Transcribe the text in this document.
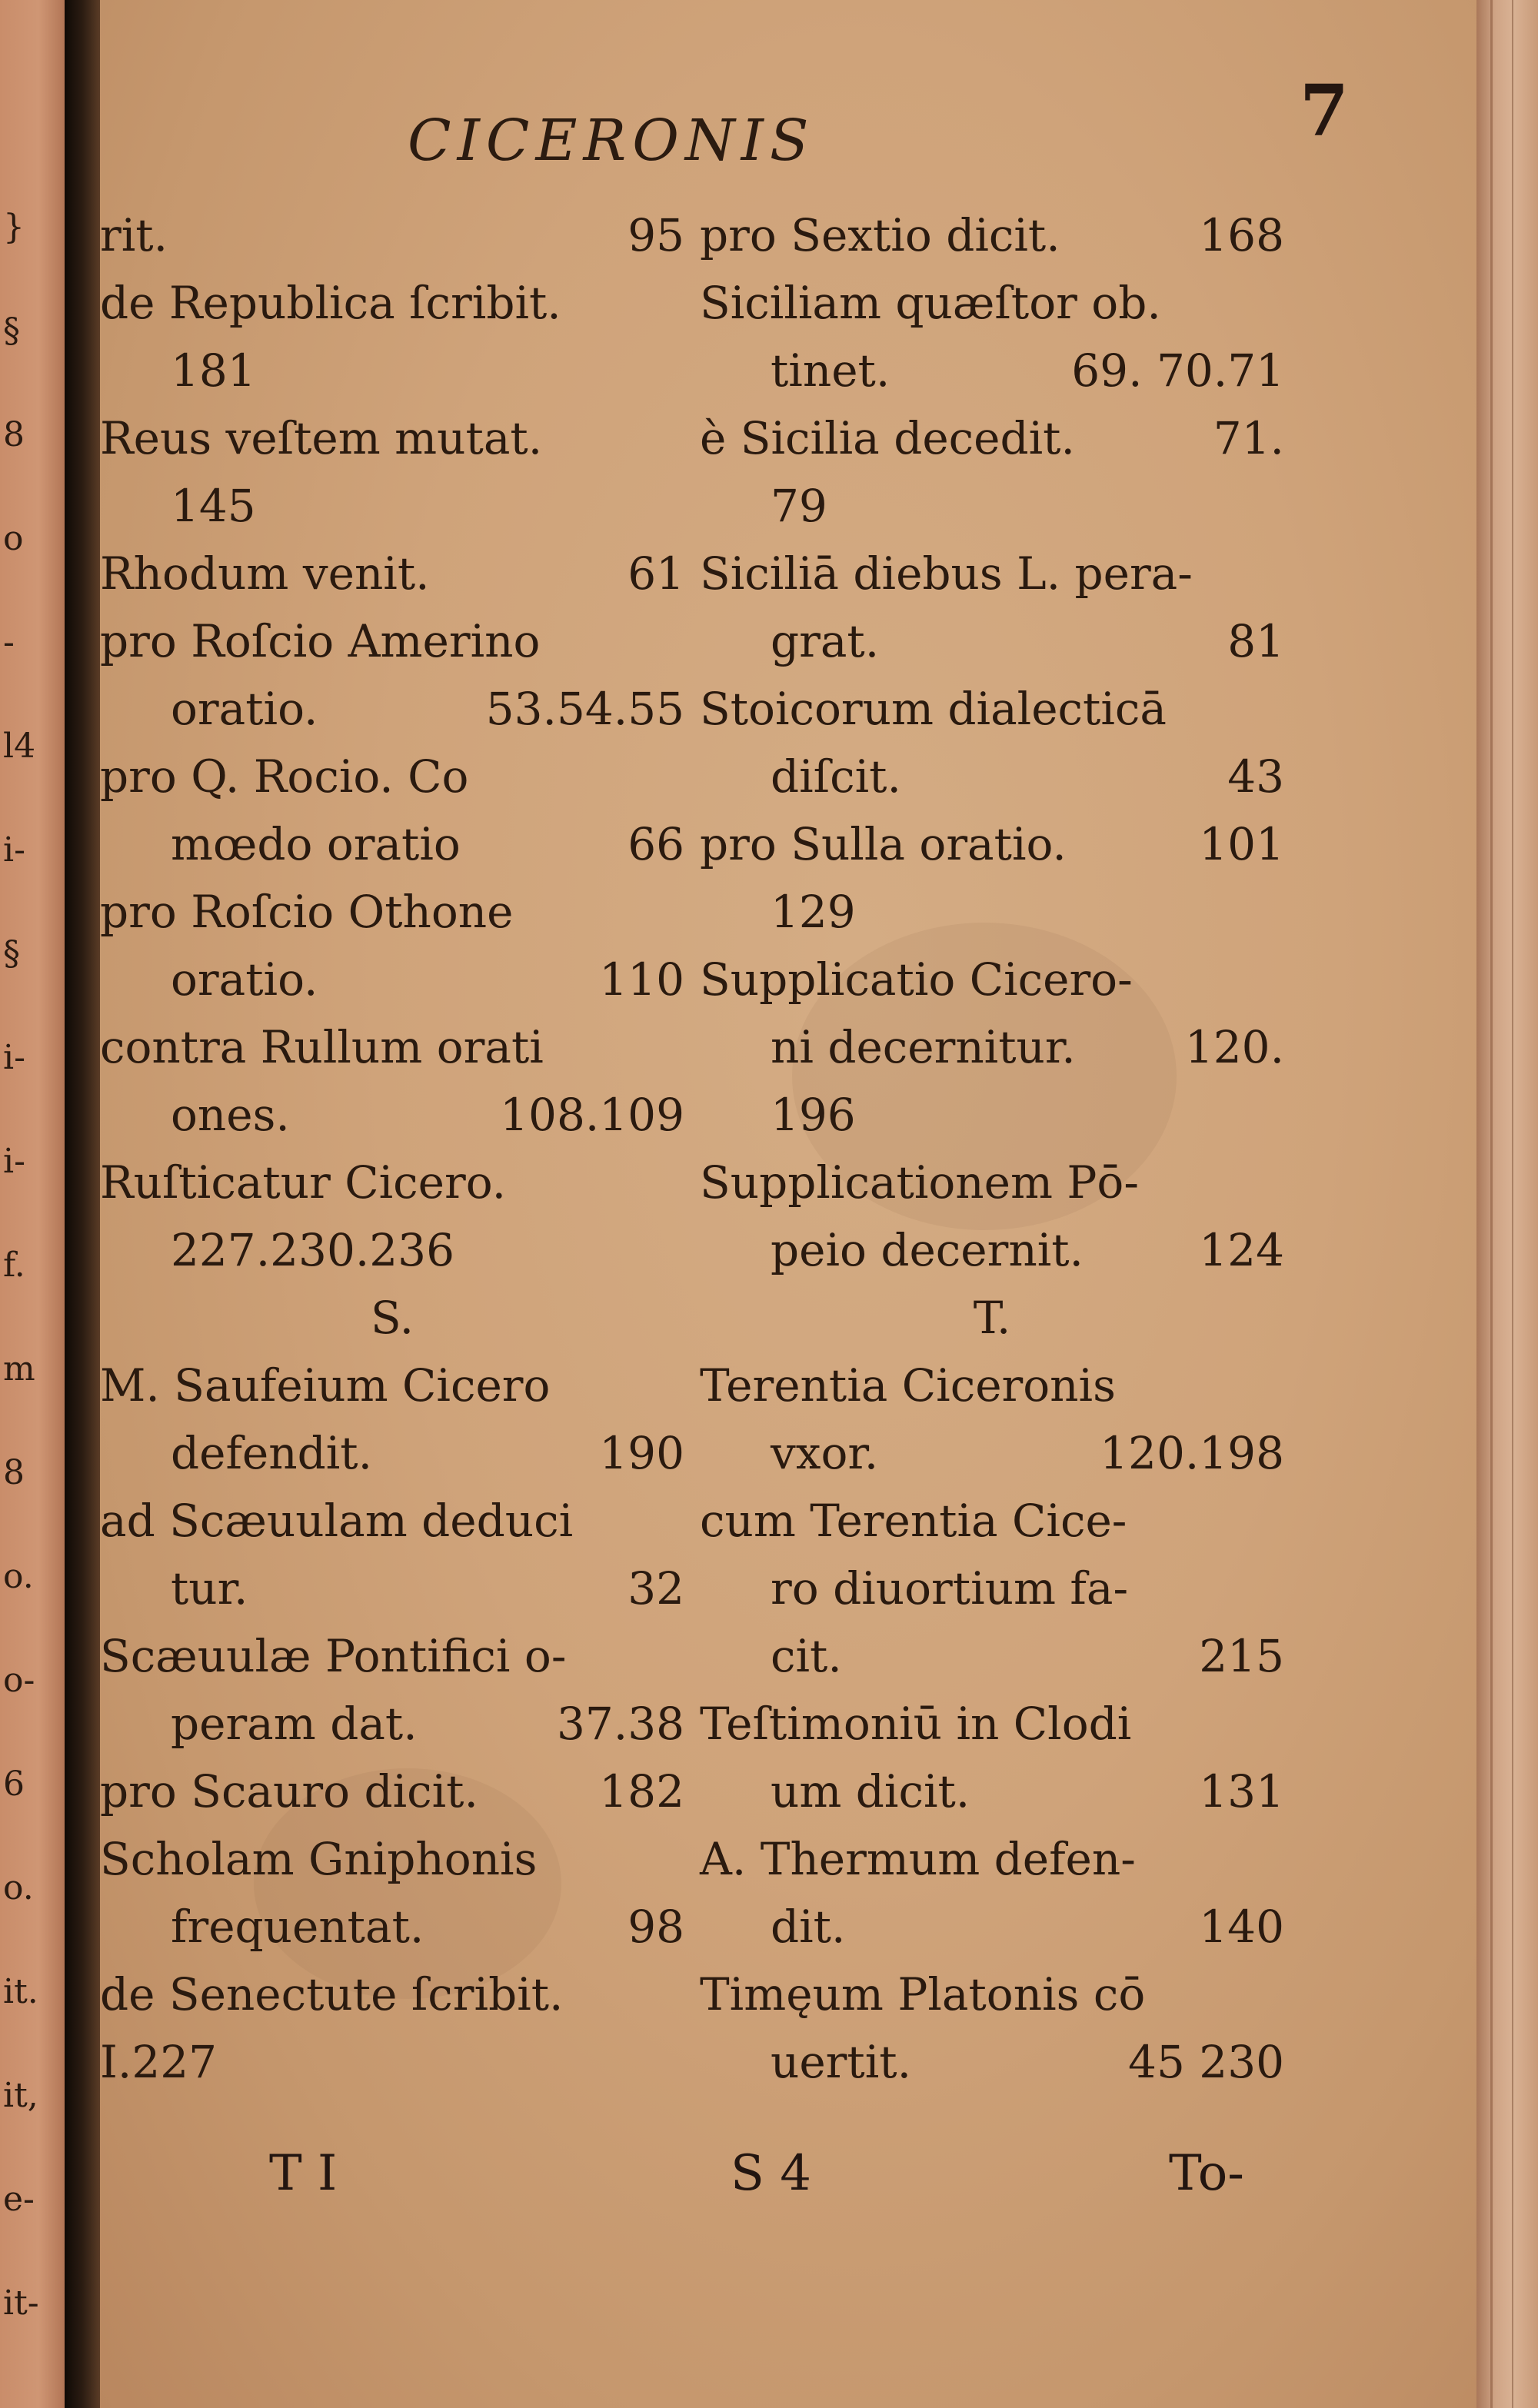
}
§
8
o
-
l4
i-
§
i-
i-
f.
m
8
o.
o-
6
o.
it.
it,
e-
it-
CICERONIS	7
rit.	95
de Republica ſcribit.
181
Reus veſtem mutat.
145
Rhodum venit.	61
pro Roſcio Amerino
oratio.	53.54.55
pro Q. Rocio. Co
mœdo oratio	66
pro Roſcio Othone
oratio.	110
contra Rullum orati
ones.	108.109
Ruſticatur Cicero.
227.230.236
S.
M. Saufeium Cicero
defendit.	190
ad Scæuulam deduci
tur.	32
Scæuulæ Pontifici o-
peram dat.	37.38
pro Scauro dicit.	182
Scholam Gniphonis
frequentat.	98
de Senectute ſcribit.
I.227
pro Sextio dicit.	168
Siciliam quæſtor ob.
tinet.	69. 70.71
è Sicilia decedit.	71.
79
Siciliā diebus L. pera-
grat.	81
Stoicorum dialecticā
diſcit.	43
pro Sulla oratio.	101
129
Supplicatio Cicero-
ni decernitur. 120.
196
Supplicationem Pō-
peio decernit.	124
T.
Terentia Ciceronis
vxor.	120.198
cum Terentia Cice-
ro diuortium fa-
cit.	215
Teſtimoniū in Clodi
um dicit.	131
A. Thermum defen-
dit.	140
Timęum Platonis cō
uertit.	45 230
T I	S 4	To-
